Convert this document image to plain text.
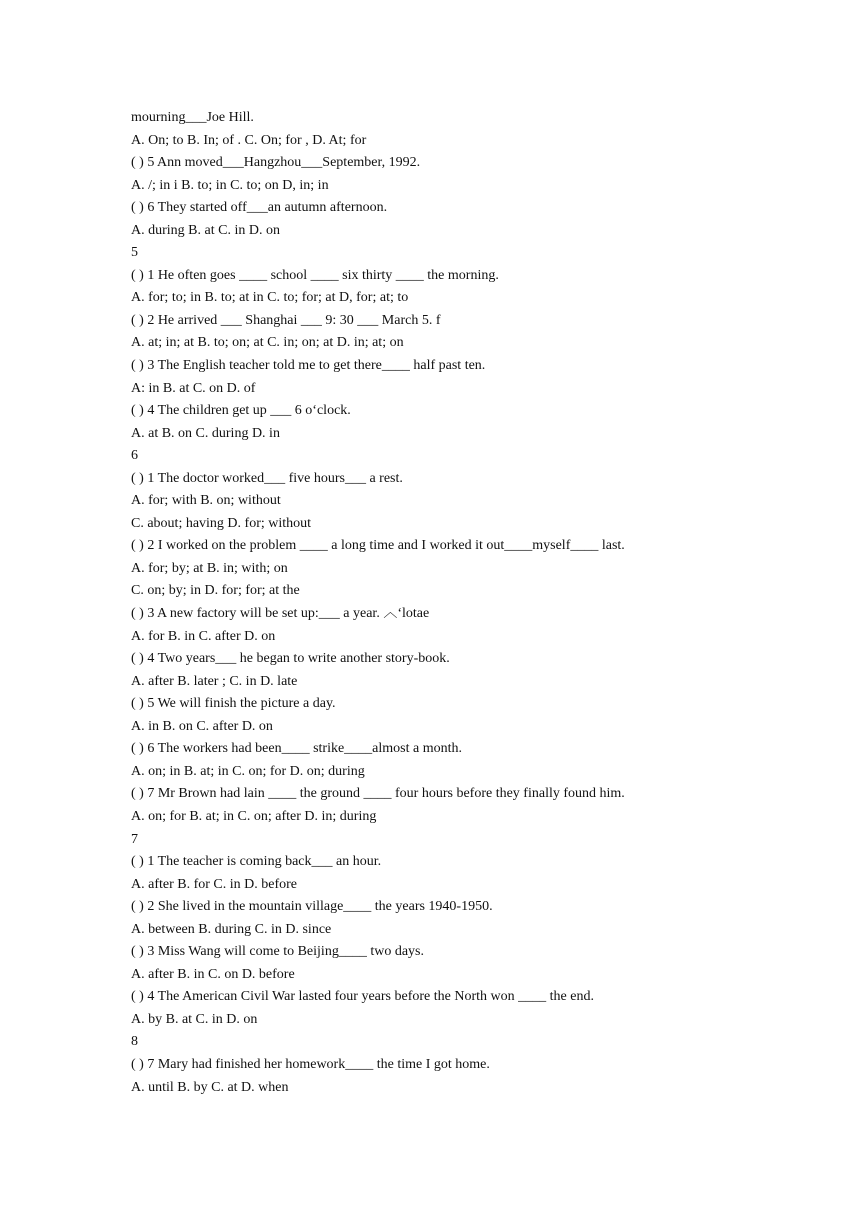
mourning___Joe Hill.
A. On; to B. In; of . C. On; for , D. At; for
( ) 5 Ann moved___Hangzhou___September, 1992.
A. /; in i B. to; in C. to; on D, in; in
( ) 6 They started off___an autumn afternoon.
A. during B. at C. in D. on
5
( ) 1 He often goes ____ school ____ six thirty ____ the morning.
A. for; to; in B. to; at in C. to; for; at D, for; at; to
( ) 2 He arrived ___ Shanghai ___ 9: 30 ___ March 5. f
A. at; in; at B. to; on; at C. in; on; at D. in; at; on
( ) 3 The English teacher told me to get there____ half past ten.
A: in B. at C. on D. of
( ) 4 The children get up ___ 6 o‘clock.
A. at B. on C. during D. in
6
( ) 1 The doctor worked___ five hours___ a rest.
A. for; with B. on; without
C. about; having D. for; without
( ) 2 I worked on the problem ____ a long time and I worked it out____myself____ last.
A. for; by; at B. in; with; on
C. on; by; in D. for; for; at the
( ) 3 A new factory will be set up:___ a year. ︿‘lotae
A. for B. in C. after D. on
( ) 4 Two years___ he began to write another story-book.
A. after B. later ; C. in D. late
( ) 5 We will finish the picture a day.
A. in B. on C. after D. on
( ) 6 The workers had been____ strike____almost a month.
A. on; in B. at; in C. on; for D. on; during
( ) 7 Mr Brown had lain ____ the ground ____ four hours before they finally found him.
A. on; for B. at; in C. on; after D. in; during
7
( ) 1 The teacher is coming back___ an hour.
A. after B. for C. in D. before
( ) 2 She lived in the mountain village____ the years 1940-1950.
A. between B. during C. in D. since
( ) 3 Miss Wang will come to Beijing____ two days.
A. after B. in C. on D. before
( ) 4 The American Civil War lasted four years before the North won ____ the end.
A. by B. at C. in D. on
8
( ) 7 Mary had finished her homework____ the time I got home.
A. until B. by C. at D. when
